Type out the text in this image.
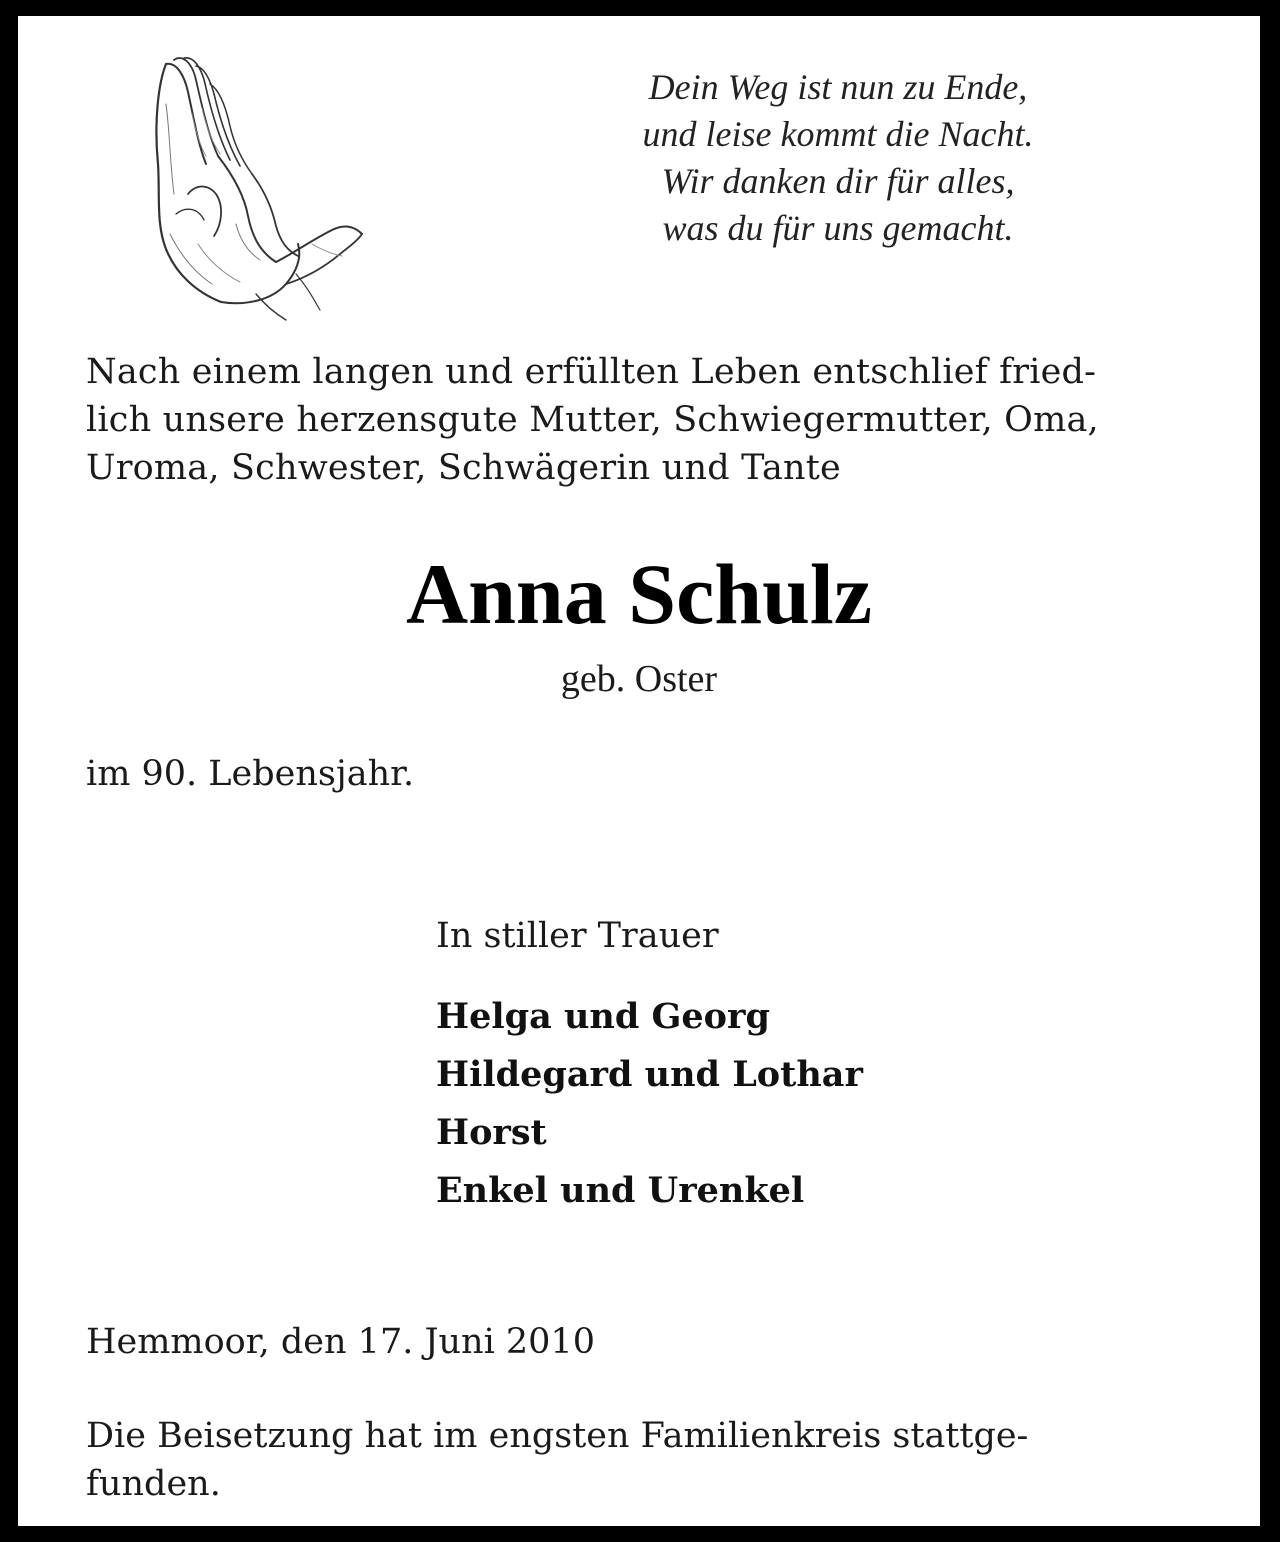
Dein Weg ist nun zu Ende,
und leise kommt die Nacht.
Wir danken dir für alles,
was du für uns gemacht.
Nach einem langen und erfüllten Leben entschlief fried-
lich unsere herzensgute Mutter, Schwiegermutter, Oma,
Uroma, Schwester, Schwägerin und Tante
Anna Schulz
geb. Oster
im 90. Lebensjahr.
In stiller Trauer
Helga und Georg
Hildegard und Lothar
Horst
Enkel und Urenkel
Hemmoor, den 17. Juni 2010
Die Beisetzung hat im engsten Familienkreis stattge-
funden.
